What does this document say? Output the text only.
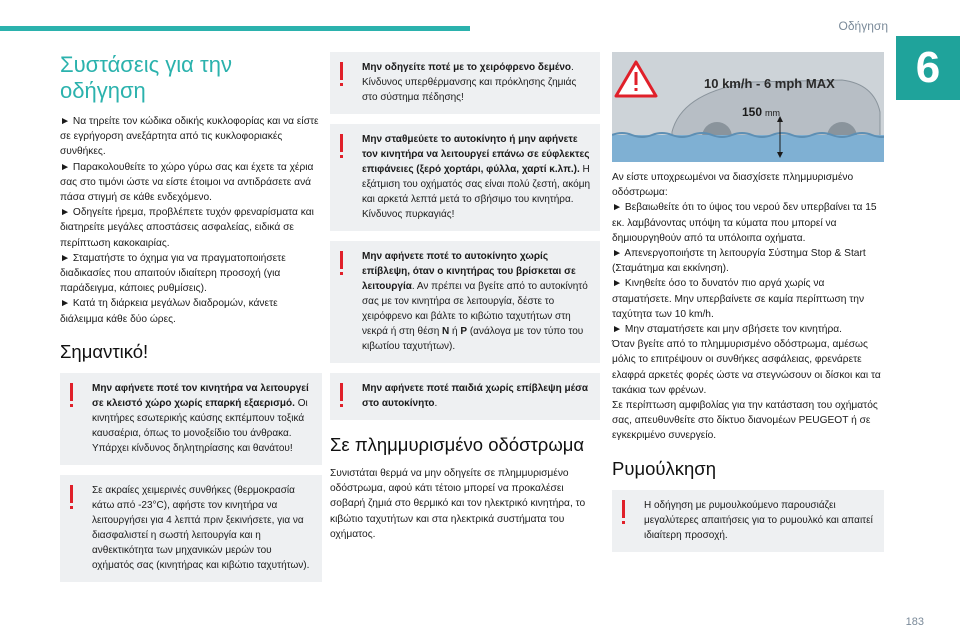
Οδήγηση
6
Συστάσεις για την οδήγηση

► Να τηρείτε τον κώδικα οδικής κυκλοφορίας και να είστε σε εγρήγορση ανεξάρτητα από τις κυκλοφοριακές συνθήκες.

► Παρακολουθείτε το χώρο γύρω σας και έχετε τα χέρια σας στο τιμόνι ώστε να είστε έτοιμοι να αντιδράσετε ανά πάσα στιγμή σε κάθε ενδεχόμενο.

► Οδηγείτε ήρεμα, προβλέπετε τυχόν φρεναρίσματα και διατηρείτε μεγάλες αποστάσεις ασφαλείας, ειδικά σε περίπτωση κακοκαιρίας.

► Σταματήστε το όχημα για να πραγματοποιήσετε διαδικασίες που απαιτούν ιδιαίτερη προσοχή (για παράδειγμα, κάποιες ρυθμίσεις).

► Κατά τη διάρκεια μεγάλων διαδρομών, κάνετε διάλειμμα κάθε δύο ώρες.

Σημαντικό!

Μην αφήνετε ποτέ τον κινητήρα να λειτουργεί σε κλειστό χώρο χωρίς επαρκή εξαερισμό. Οι κινητήρες εσωτερικής καύσης εκπέμπουν τοξικά καυσαέρια, όπως το μονοξείδιο του άνθρακα. Υπάρχει κίνδυνος δηλητηρίασης και θανάτου!

Σε ακραίες χειμερινές συνθήκες (θερμοκρασία κάτω από -23°C), αφήστε τον κινητήρα να λειτουργήσει για 4 λεπτά πριν ξεκινήσετε, για να διασφαλιστεί η σωστή λειτουργία και η ανθεκτικότητα των μηχανικών μερών του οχήματός σας (κινητήρας και κιβώτιο ταχυτήτων).

Μην οδηγείτε ποτέ με το χειρόφρενο δεμένο. Κίνδυνος υπερθέρμανσης και πρόκλησης ζημιάς στο σύστημα πέδησης!

Μην σταθμεύετε το αυτοκίνητο ή μην αφήνετε τον κινητήρα να λειτουργεί επάνω σε εύφλεκτες επιφάνειες (ξερό χορτάρι, φύλλα, χαρτί κ.λπ.). Η εξάτμιση του οχήματός σας είναι πολύ ζεστή, ακόμη και αρκετά λεπτά μετά το σβήσιμο του κινητήρα. Κίνδυνος πυρκαγιάς!

Μην αφήνετε ποτέ το αυτοκίνητο χωρίς επίβλεψη, όταν ο κινητήρας του βρίσκεται σε λειτουργία. Αν πρέπει να βγείτε από το αυτοκίνητό σας με τον κινητήρα σε λειτουργία, δέστε το χειρόφρενο και βάλτε το κιβώτιο ταχυτήτων στη νεκρά ή στη θέση N ή P (ανάλογα με τον τύπο του κιβωτίου ταχυτήτων).

Μην αφήνετε ποτέ παιδιά χωρίς επίβλεψη μέσα στο αυτοκίνητο.

Σε πλημμυρισμένο οδόστρωμα

Συνιστάται θερμά να μην οδηγείτε σε πλημμυρισμένο οδόστρωμα, αφού κάτι τέτοιο μπορεί να προκαλέσει σοβαρή ζημιά στο θερμικό και τον ηλεκτρικό κινητήρα, το κιβώτιο ταχυτήτων και στα ηλεκτρικά συστήματα του οχήματος.

10 km/h - 6 mph MAX
150 mm

Αν είστε υποχρεωμένοι να διασχίσετε πλημμυρισμένο οδόστρωμα:

► Βεβαιωθείτε ότι το ύψος του νερού δεν υπερβαίνει τα 15 εκ. λαμβάνοντας υπόψη τα κύματα που μπορεί να δημιουργηθούν από τα υπόλοιπα οχήματα.

► Απενεργοποιήστε τη λειτουργία Σύστημα Stop & Start (Σταμάτημα και εκκίνηση).

► Κινηθείτε όσο το δυνατόν πιο αργά χωρίς να σταματήσετε. Μην υπερβαίνετε σε καμία περίπτωση την ταχύτητα των 10 km/h.

► Μην σταματήσετε και μην σβήσετε τον κινητήρα.

Όταν βγείτε από το πλημμυρισμένο οδόστρωμα, αμέσως μόλις το επιτρέψουν οι συνθήκες ασφάλειας, φρενάρετε ελαφρά αρκετές φορές ώστε να στεγνώσουν οι δίσκοι και τα τακάκια των φρένων.

Σε περίπτωση αμφιβολίας για την κατάσταση του οχήματός σας, απευθυνθείτε στο δίκτυο διανομέων PEUGEOT ή σε εγκεκριμένο συνεργείο.

Ρυμούλκηση

Η οδήγηση με ρυμουλκούμενο παρουσιάζει μεγαλύτερες απαιτήσεις για το ρυμουλκό και απαιτεί ιδιαίτερη προσοχή.

183
